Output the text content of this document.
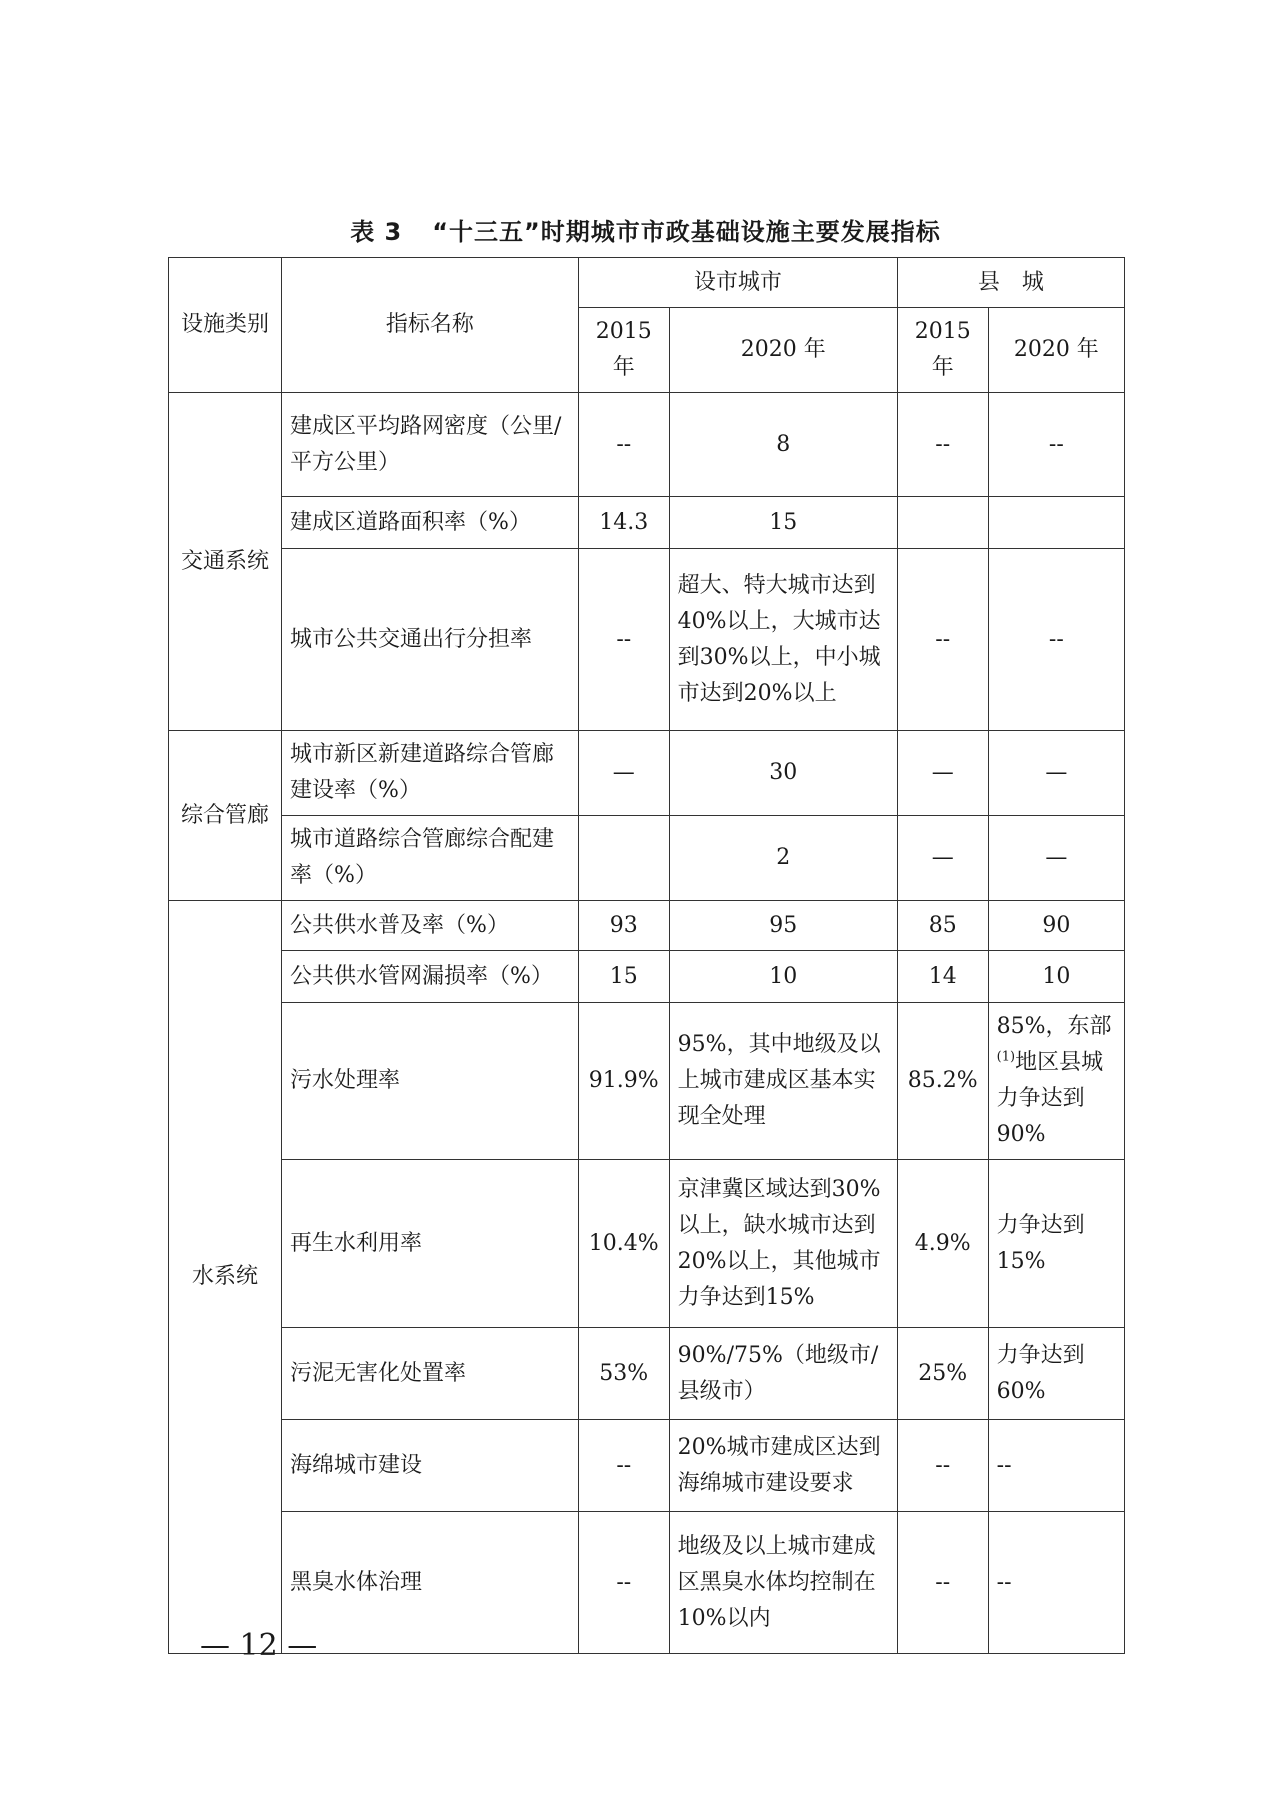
表 3 “十三五”时期城市市政基础设施主要发展指标
设施类别	指标名称	设市城市		县　城	
		2015 年	2020 年	2015 年	2020 年
交通系统	建成区平均路网密度（公里/平方公里）	--	8	--	--
	建成区道路面积率（%）	14.3	15		
	城市公共交通出行分担率	--	超大、特大城市达到40%以上，大城市达到30%以上，中小城市达到20%以上	--	--
综合管廊	城市新区新建道路综合管廊建设率（%）	—	30	—	—
	城市道路综合管廊综合配建率（%）		2	—	—
水系统	公共供水普及率（%）	93	95	85	90
	公共供水管网漏损率（%）	15	10	14	10
	污水处理率	91.9%	95%，其中地级及以上城市建成区基本实现全处理	85.2%	85%，东部$^{(1)}$地区县城力争达到90%
	再生水利用率	10.4%	京津冀区域达到30%以上，缺水城市达到20%以上，其他城市力争达到15%	4.9%	力争达到15%
	污泥无害化处置率	53%	90%/75%（地级市/县级市）	25%	力争达到60%
	海绵城市建设	--	20%城市建成区达到海绵城市建设要求	--	--
	黑臭水体治理	--	地级及以上城市建成区黑臭水体均控制在10%以内	--	--
— 12 —
